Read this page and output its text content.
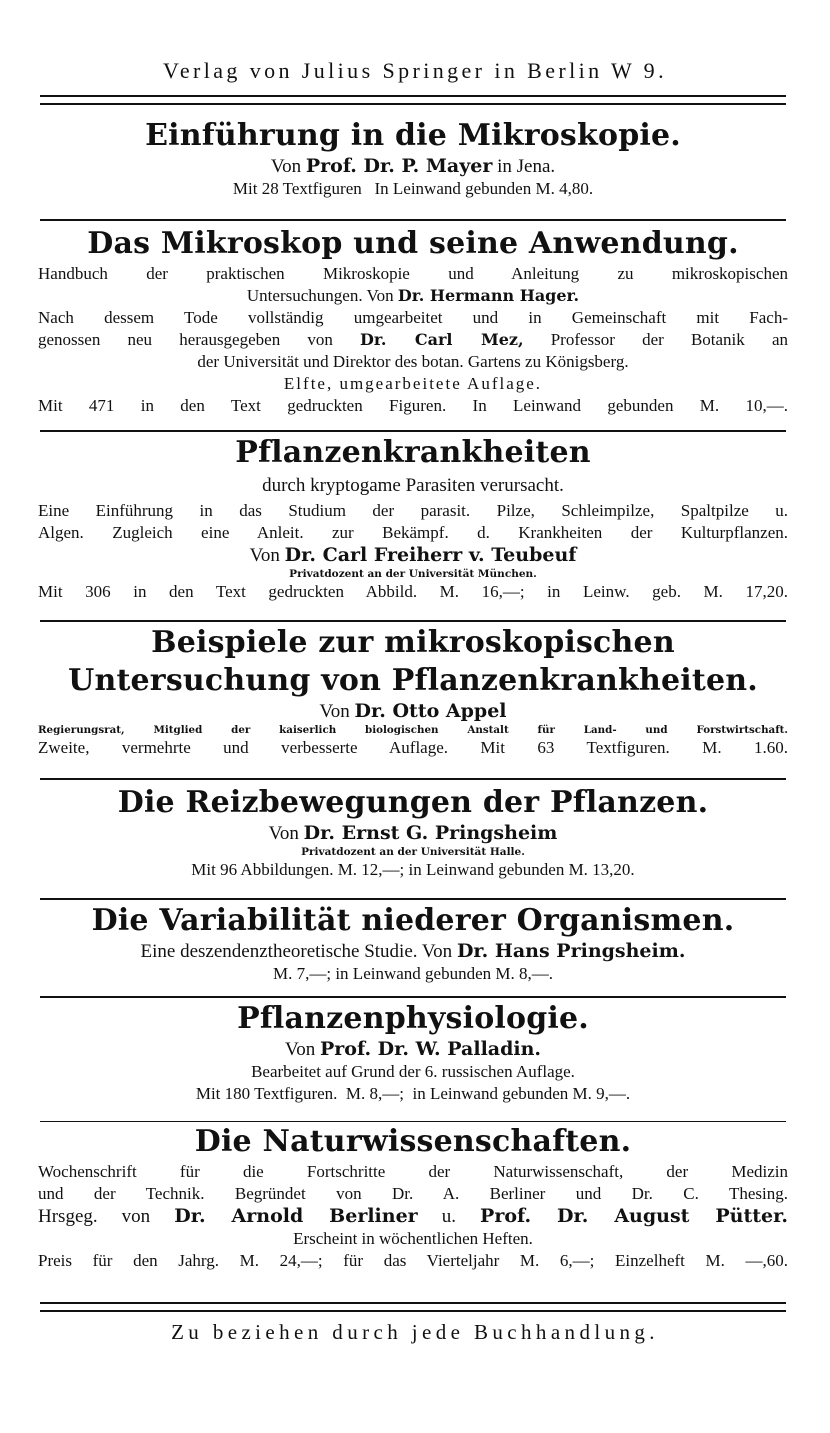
Verlag von Julius Springer in Berlin W 9.
Einführung in die Mikroskopie.
Von Prof. Dr. P. Mayer in Jena.
Mit 28 Textfiguren   In Leinwand gebunden M. 4,80.
Das Mikroskop und seine Anwendung.
Handbuch der praktischen Mikroskopie und Anleitung zu mikroskopischen
Untersuchungen. Von Dr. Hermann Hager.
Nach dessem Tode vollständig umgearbeitet und in Gemeinschaft mit Fach-
genossen neu herausgegeben von Dr. Carl Mez, Professor der Botanik an
der Universität und Direktor des botan. Gartens zu Königsberg.
Elfte, umgearbeitete Auflage.
Mit 471 in den Text gedruckten Figuren. In Leinwand gebunden M. 10,—.
Pflanzenkrankheiten
durch kryptogame Parasiten verursacht.
Eine Einführung in das Studium der parasit. Pilze, Schleimpilze, Spaltpilze u.
Algen. Zugleich eine Anleit. zur Bekämpf. d. Krankheiten der Kulturpflanzen.
Von Dr. Carl Freiherr v. Teubeuf
Privatdozent an der Universität München.
Mit 306 in den Text gedruckten Abbild. M. 16,—; in Leinw. geb. M. 17,20.
Beispiele zur mikroskopischen
Untersuchung von Pflanzenkrankheiten.
Von Dr. Otto Appel
Regierungsrat, Mitglied der kaiserlich biologischen Anstalt für Land- und Forstwirtschaft.
Zweite, vermehrte und verbesserte Auflage. Mit 63 Textfiguren. M. 1.60.
Die Reizbewegungen der Pflanzen.
Von Dr. Ernst G. Pringsheim
Privatdozent an der Universität Halle.
Mit 96 Abbildungen. M. 12,—; in Leinwand gebunden M. 13,20.
Die Variabilität niederer Organismen.
Eine deszendenztheoretische Studie. Von Dr. Hans Pringsheim.
M. 7,—; in Leinwand gebunden M. 8,—.
Pflanzenphysiologie.
Von Prof. Dr. W. Palladin.
Bearbeitet auf Grund der 6. russischen Auflage.
Mit 180 Textfiguren.  M. 8,—;  in Leinwand gebunden M. 9,—.
Die Naturwissenschaften.
Wochenschrift für die Fortschritte der Naturwissenschaft, der Medizin
und der Technik. Begründet von Dr. A. Berliner und Dr. C. Thesing.
Hrsgeg. von Dr. Arnold Berliner u. Prof. Dr. August Pütter.
Erscheint in wöchentlichen Heften.
Preis für den Jahrg. M. 24,—; für das Vierteljahr M. 6,—; Einzelheft M. —,60.
Zu beziehen durch jede Buchhandlung.
